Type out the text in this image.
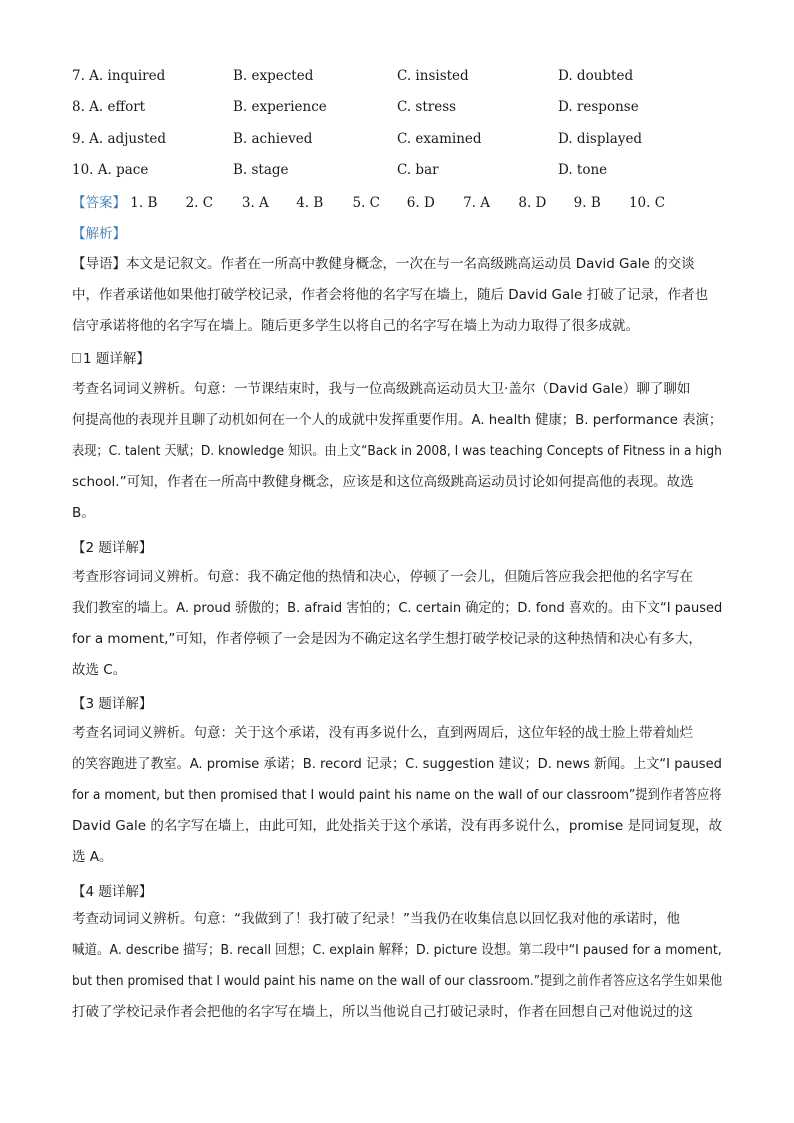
7. A. inquired	B. expected	C. insisted	D. doubted
8. A. effort	B. experience	C. stress	D. response
9. A. adjusted	B. achieved	C. examined	D. displayed
10. A. pace	B. stage	C. bar	D. tone
【答案】 1. B 2. C 3. A 4. B 5. C 6. D 7. A 8. D 9. B 10. C
【解析】
【导语】本文是记叙文。作者在一所高中教健身概念，一次在与一名高级跳高运动员 David Gale 的交谈
中，作者承诺他如果他打破学校记录，作者会将他的名字写在墙上，随后 David Gale 打破了记录，作者也
信守承诺将他的名字写在墙上。随后更多学生以将自己的名字写在墙上为动力取得了很多成就。
1 题详解】
考查名词词义辨析。句意：一节课结束时，我与一位高级跳高运动员大卫·盖尔（David Gale）聊了聊如
何提高他的表现并且聊了动机如何在一个人的成就中发挥重要作用。A. health 健康；B. performance 表演；
表现；C. talent 天赋；D. knowledge 知识。由上文“Back in 2008, I was teaching Concepts of Fitness in a high
school.”可知，作者在一所高中教健身概念，应该是和这位高级跳高运动员讨论如何提高他的表现。故选
B。
【2 题详解】
考查形容词词义辨析。句意：我不确定他的热情和决心，停顿了一会儿，但随后答应我会把他的名字写在
我们教室的墙上。A. proud 骄傲的；B. afraid 害怕的；C. certain 确定的；D. fond 喜欢的。由下文“I paused
for a moment,”可知，作者停顿了一会是因为不确定这名学生想打破学校记录的这种热情和决心有多大，
故选 C。
【3 题详解】
考查名词词义辨析。句意：关于这个承诺，没有再多说什么，直到两周后，这位年轻的战士脸上带着灿烂
的笑容跑进了教室。A. promise 承诺；B. record 记录；C. suggestion 建议；D. news 新闻。上文“I paused
for a moment, but then promised that I would paint his name on the wall of our classroom”提到作者答应将
David Gale 的名字写在墙上，由此可知，此处指关于这个承诺，没有再多说什么，promise 是同词复现，故
选 A。
【4 题详解】
考查动词词义辨析。句意：“我做到了！我打破了纪录！”当我仍在收集信息以回忆我对他的承诺时，他
喊道。A. describe 描写；B. recall 回想；C. explain 解释；D. picture 设想。第二段中“I paused for a moment,
but then promised that I would paint his name on the wall of our classroom.”提到之前作者答应这名学生如果他
打破了学校记录作者会把他的名字写在墙上，所以当他说自己打破记录时，作者在回想自己对他说过的这
